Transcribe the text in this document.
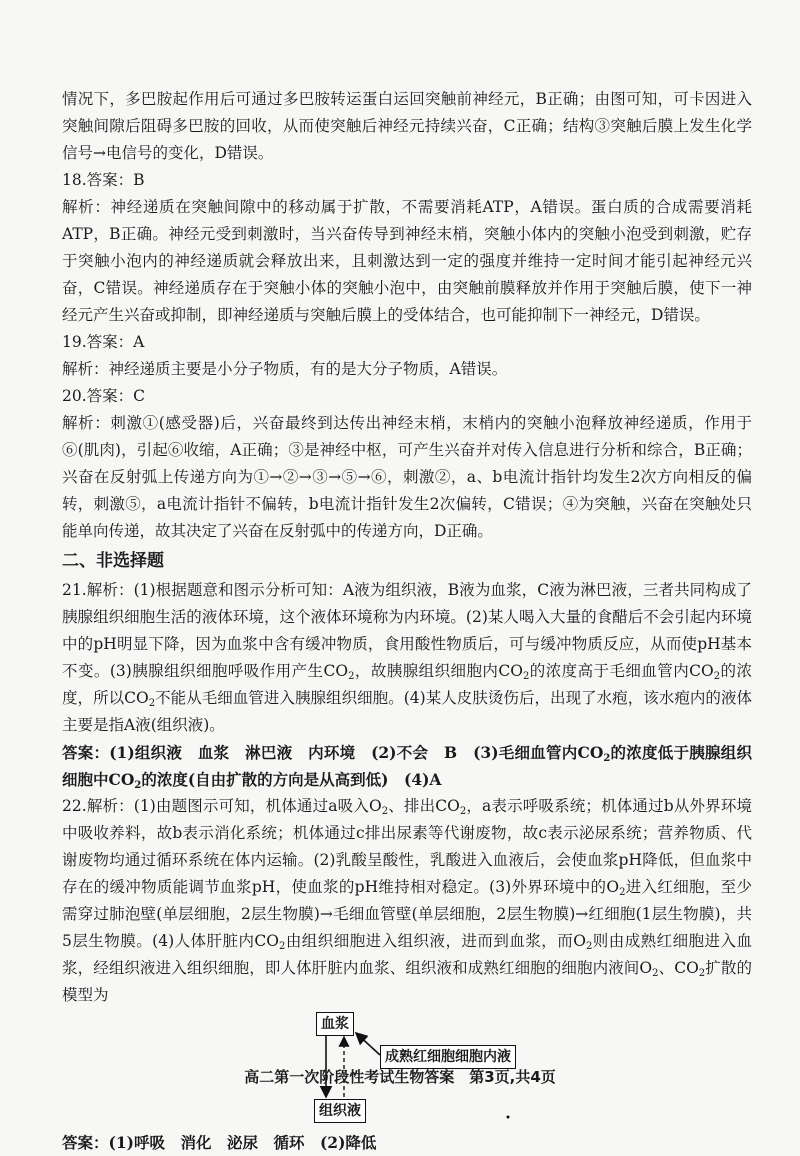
情况下，多巴胺起作用后可通过多巴胺转运蛋白运回突触前神经元，B正确；由图可知，可卡因进入突触间隙后阻碍多巴胺的回收，从而使突触后神经元持续兴奋，C正确；结构③突触后膜上发生化学信号→电信号的变化，D错误。

18.答案：B

解析：神经递质在突触间隙中的移动属于扩散，不需要消耗ATP，A错误。蛋白质的合成需要消耗ATP，B正确。神经元受到刺激时，当兴奋传导到神经末梢，突触小体内的突触小泡受到刺激，贮存于突触小泡内的神经递质就会释放出来，且刺激达到一定的强度并维持一定时间才能引起神经元兴奋，C错误。神经递质存在于突触小体的突触小泡中，由突触前膜释放并作用于突触后膜，使下一神经元产生兴奋或抑制，即神经递质与突触后膜上的受体结合，也可能抑制下一神经元，D错误。

19.答案：A

解析：神经递质主要是小分子物质，有的是大分子物质，A错误。

20.答案：C

解析：刺激①(感受器)后，兴奋最终到达传出神经末梢，末梢内的突触小泡释放神经递质，作用于⑥(肌肉)，引起⑥收缩，A正确；③是神经中枢，可产生兴奋并对传入信息进行分析和综合，B正确；兴奋在反射弧上传递方向为①→②→③→⑤→⑥，刺激②，a、b电流计指针均发生2次方向相反的偏转，刺激⑤，a电流计指针不偏转，b电流计指针发生2次偏转，C错误；④为突触，兴奋在突触处只能单向传递，故其决定了兴奋在反射弧中的传递方向，D正确。

二、非选择题

21.解析：(1)根据题意和图示分析可知：A液为组织液，B液为血浆，C液为淋巴液，三者共同构成了胰腺组织细胞生活的液体环境，这个液体环境称为内环境。(2)某人喝入大量的食醋后不会引起内环境中的pH明显下降，因为血浆中含有缓冲物质，食用酸性物质后，可与缓冲物质反应，从而使pH基本不变。(3)胰腺组织细胞呼吸作用产生$CO_2$，故胰腺组织细胞内$CO_2$的浓度高于毛细血管内$CO_2$的浓度，所以$CO_2$不能从毛细血管进入胰腺组织细胞。(4)某人皮肤烫伤后，出现了水疱，该水疱内的液体主要是指A液(组织液)。

答案：(1)组织液　血浆　淋巴液　内环境　(2)不会　B　(3)毛细血管内$CO_2$的浓度低于胰腺组织细胞中$CO_2$的浓度(自由扩散的方向是从高到低)　(4)A

22.解析：(1)由题图示可知，机体通过a吸入$O_2$、排出$CO_2$，a表示呼吸系统；机体通过b从外界环境中吸收养料，故b表示消化系统；机体通过c排出尿素等代谢废物，故c表示泌尿系统；营养物质、代谢废物均通过循环系统在体内运输。(2)乳酸呈酸性，乳酸进入血液后，会使血浆pH降低，但血浆中存在的缓冲物质能调节血浆pH，使血浆的pH维持相对稳定。(3)外界环境中的$O_2$进入红细胞，至少需穿过肺泡壁(单层细胞，2层生物膜)→毛细血管壁(单层细胞，2层生物膜)→红细胞(1层生物膜)，共5层生物膜。(4)人体肝脏内$CO_2$由组织细胞进入组织液，进而到血浆，而$O_2$则由成熟红细胞进入血浆，经组织液进入组织细胞，即人体肝脏内血浆、组织液和成熟红细胞的细胞内液间$O_2$、$CO_2$扩散的模型为

血浆
成熟红细胞细胞内液
组织液

答案：(1)呼吸　消化　泌尿　循环　(2)降低

高二第一次阶段性考试生物答案　第3页,共4页
